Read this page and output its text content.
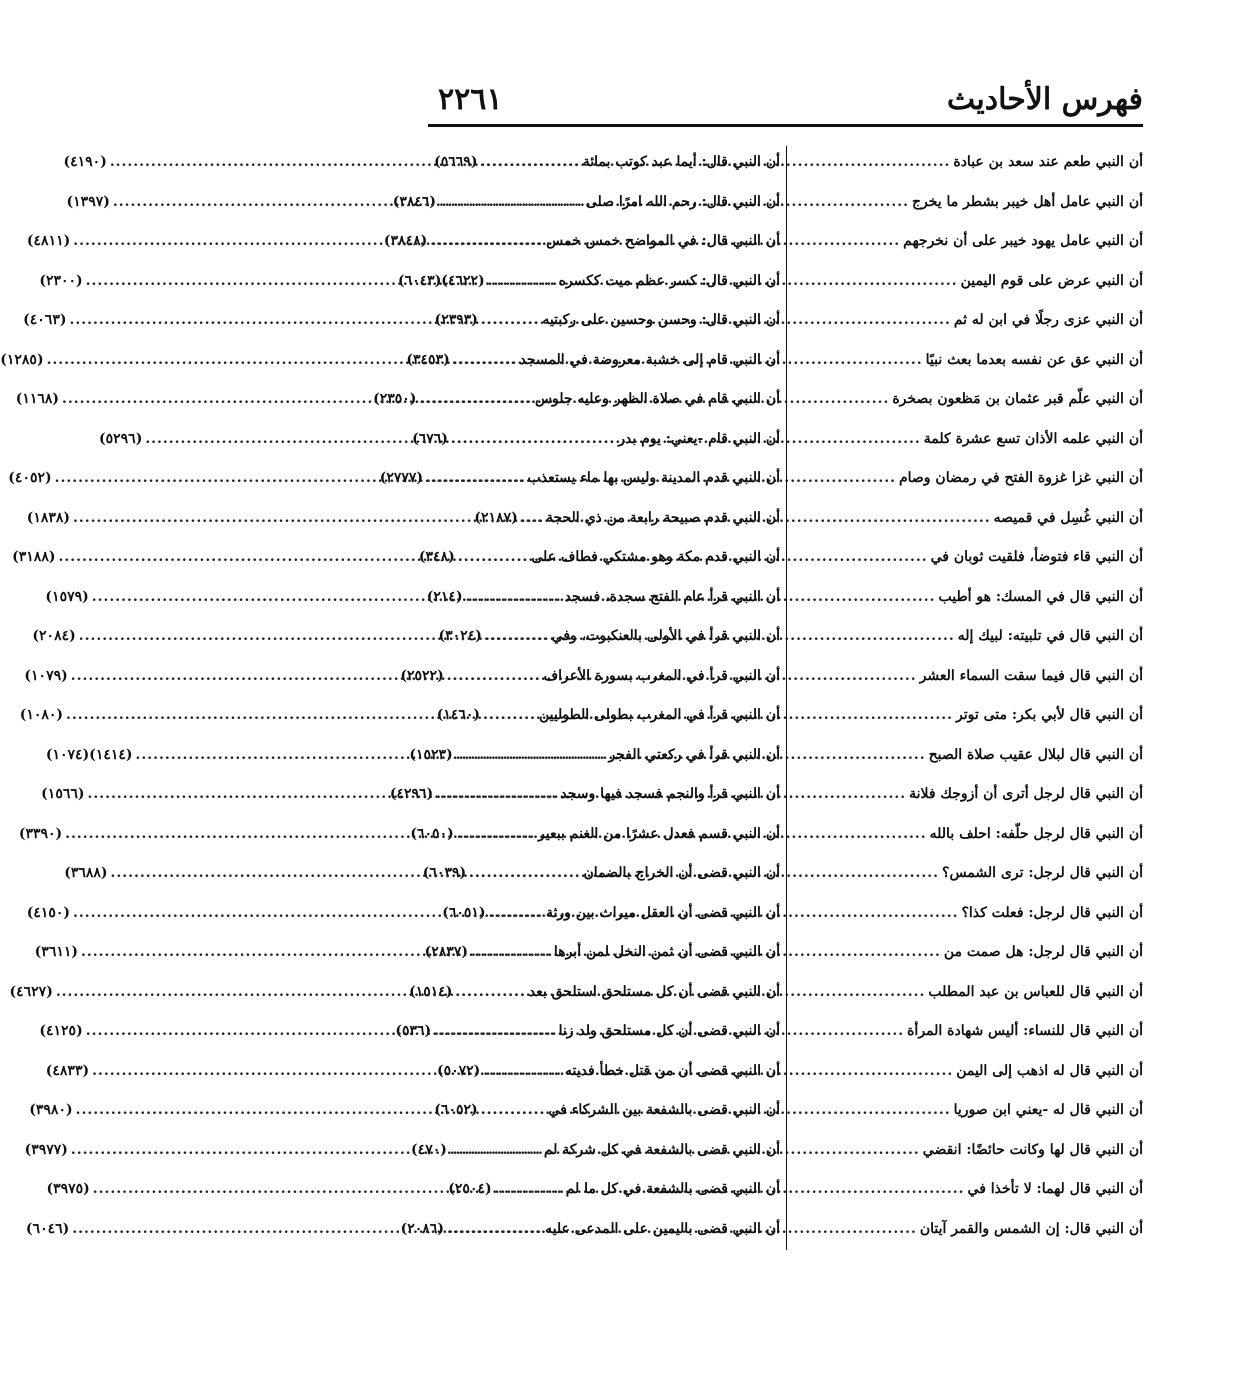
فهرس الأحاديث
٢٢٦١
أن النبي طعم عند سعد بن عبادة
.....
(٥٦٦٩)
أن النبي عامل أهل خيبر بشطر ما يخرج
.....
(٣٨٤٦)
أن النبي عامل يهود خيبر على أن نخرجهم
.....
(٣٨٤٨)
أن النبي عرض على قوم اليمين
.....
(٤٦٢٢)(٦٠٤٣)
أن النبي عزى رجلًا في ابن له ثم
.....
(٢٣٩٣)
أن النبي عق عن نفسه بعدما بعث نبيًا
.....
(٣٤٥٣)
أن النبي علّم قبر عثمان بن مَظعون بصخرة
.....
(٢٣٥٠)
أن النبي علمه الأذان تسع عشرة كلمة
.....
(٦٧٦)
أن النبي غزا غزوة الفتح في رمضان وصام
.....
(٢٧٧٧)
أن النبي غُسِل في قميصه
.....
(٢١٨٧)
أن النبي قاء فتوضأ، فلقيت ثوبان في
.....
(٣٤٨)
أن النبي قال في المسك: هو أطيب
.....
(٢١٤)
أن النبي قال في تلبيته: لبيك إله
.....
(٣٠٢٤)
أن النبي قال فيما سقت السماء العشر
.....
(٢٥٢٢)
أن النبي قال لأبي بكر: متى توتر
.....
(١٤٦٠)
أن النبي قال لبلال عقيب صلاة الصبح
.....
(١٥٢٣)
أن النبي قال لرجل أترى أن أزوجك فلانة
.....
(٤٢٩٦)
أن النبي قال لرجل حلّفه: احلف بالله
.....
(٦٠٥٠)
أن النبي قال لرجل: ترى الشمس؟
.....
(٦٠٣٩)
أن النبي قال لرجل: فعلت كذا؟
.....
(٦٠٥١)
أن النبي قال لرجل: هل صمت من
.....
(٢٨٣٧)
أن النبي قال للعباس بن عبد المطلب
.....
(١٥١٤)
أن النبي قال للنساء: أليس شهادة المرأة
.....
(٥٣٦)
أن النبي قال له اذهب إلى اليمن
.....
(٥٠٧٢)
أن النبي قال له -يعني ابن صوريا
.....
(٦٠٥٢)
أن النبي قال لها وكانت حائضًا: انقضي
.....
(٤٧٠)
أن النبي قال لهما: لا تأخذا في
.....
(٢٥٠٤)
أن النبي قال: إن الشمس والقمر آيتان
.....
(٢٠٨٦)
أن النبي قال: أيما عبد كوتب بمائة
.....
(٤١٩٠)
أن النبي قال: رحم الله امرًا صلى
.....
(١٣٩٧)
أن النبي قال: في المواضح خمس خمس
.....
(٤٨١١)
أن النبي قال: كسر عظم ميت ككسره
.....
(٢٣٠٠)
أن النبي قال: وحسن وحسين على ركبتيه
.....
(٤٠٦٣)
أن النبي قام إلى خشبة معروضة في المسجد
.....
(١٢٨٥)
أن النبي قام في صلاة الظهر وعليه جلوس
.....
(١١٦٨)
أن النبي قام -يعني: يوم بدر
.....
(٥٢٩٦)
أن النبي قدم المدينة وليس بها ماء يستعذب
.....
(٤٠٥٢)
أن النبي قدم صبيحة رابعة من ذي الحجة
.....
(١٨٣٨)
أن النبي قدم مكة وهو مشتكي فطاف على
.....
(٣١٨٨)
أن النبي قرأ عام الفتح سجدة، فسجد
.....
(١٥٧٩)
أن النبي قرأ في الأولى بالعنكبوت، وفي
.....
(٢٠٨٤)
أن النبي قرأ في المغرب بسورة الأعراف
.....
(١٠٧٩)
أن النبي قرأ في المغرب بطولى الطوليين
.....
(١٠٨٠)
أن النبي قرأ في ركعتي الفجر
.....
(١٤١٤)(١٠٧٤)
أن النبي قرأ والنجم فسجد فيها وسجد
.....
(١٥٦٦)
أن النبي قسم فعدل عشرًا من الغنم ببعير
.....
(٣٣٩٠)
أن النبي قضى أن الخراج بالضمان
.....
(٣٦٨٨)
أن النبي قضى أن العقل ميراث بين ورثة
.....
(٤١٥٠)
أن النبي قضى أن ثمن النخل لمن أبرها
.....
(٣٦١١)
أن النبي قضى أن كل مستلحق استلحق بعد
.....
(٤٦٢٧)
أن النبي قضى أن كل مستلحق ولد زنا
.....
(٤١٢٥)
أن النبي قضى أن من قتل خطأ فديته
.....
(٤٨٣٣)
أن النبي قضى بالشفعة بين الشركاء في
.....
(٣٩٨٠)
أن النبي قضى بالشفعة في كل شركة لم
.....
(٣٩٧٧)
أن النبي قضى بالشفعة في كل ما لم
.....
(٣٩٧٥)
أن النبي قضى باليمين على المدعى عليه
.....
(٦٠٤٦)
